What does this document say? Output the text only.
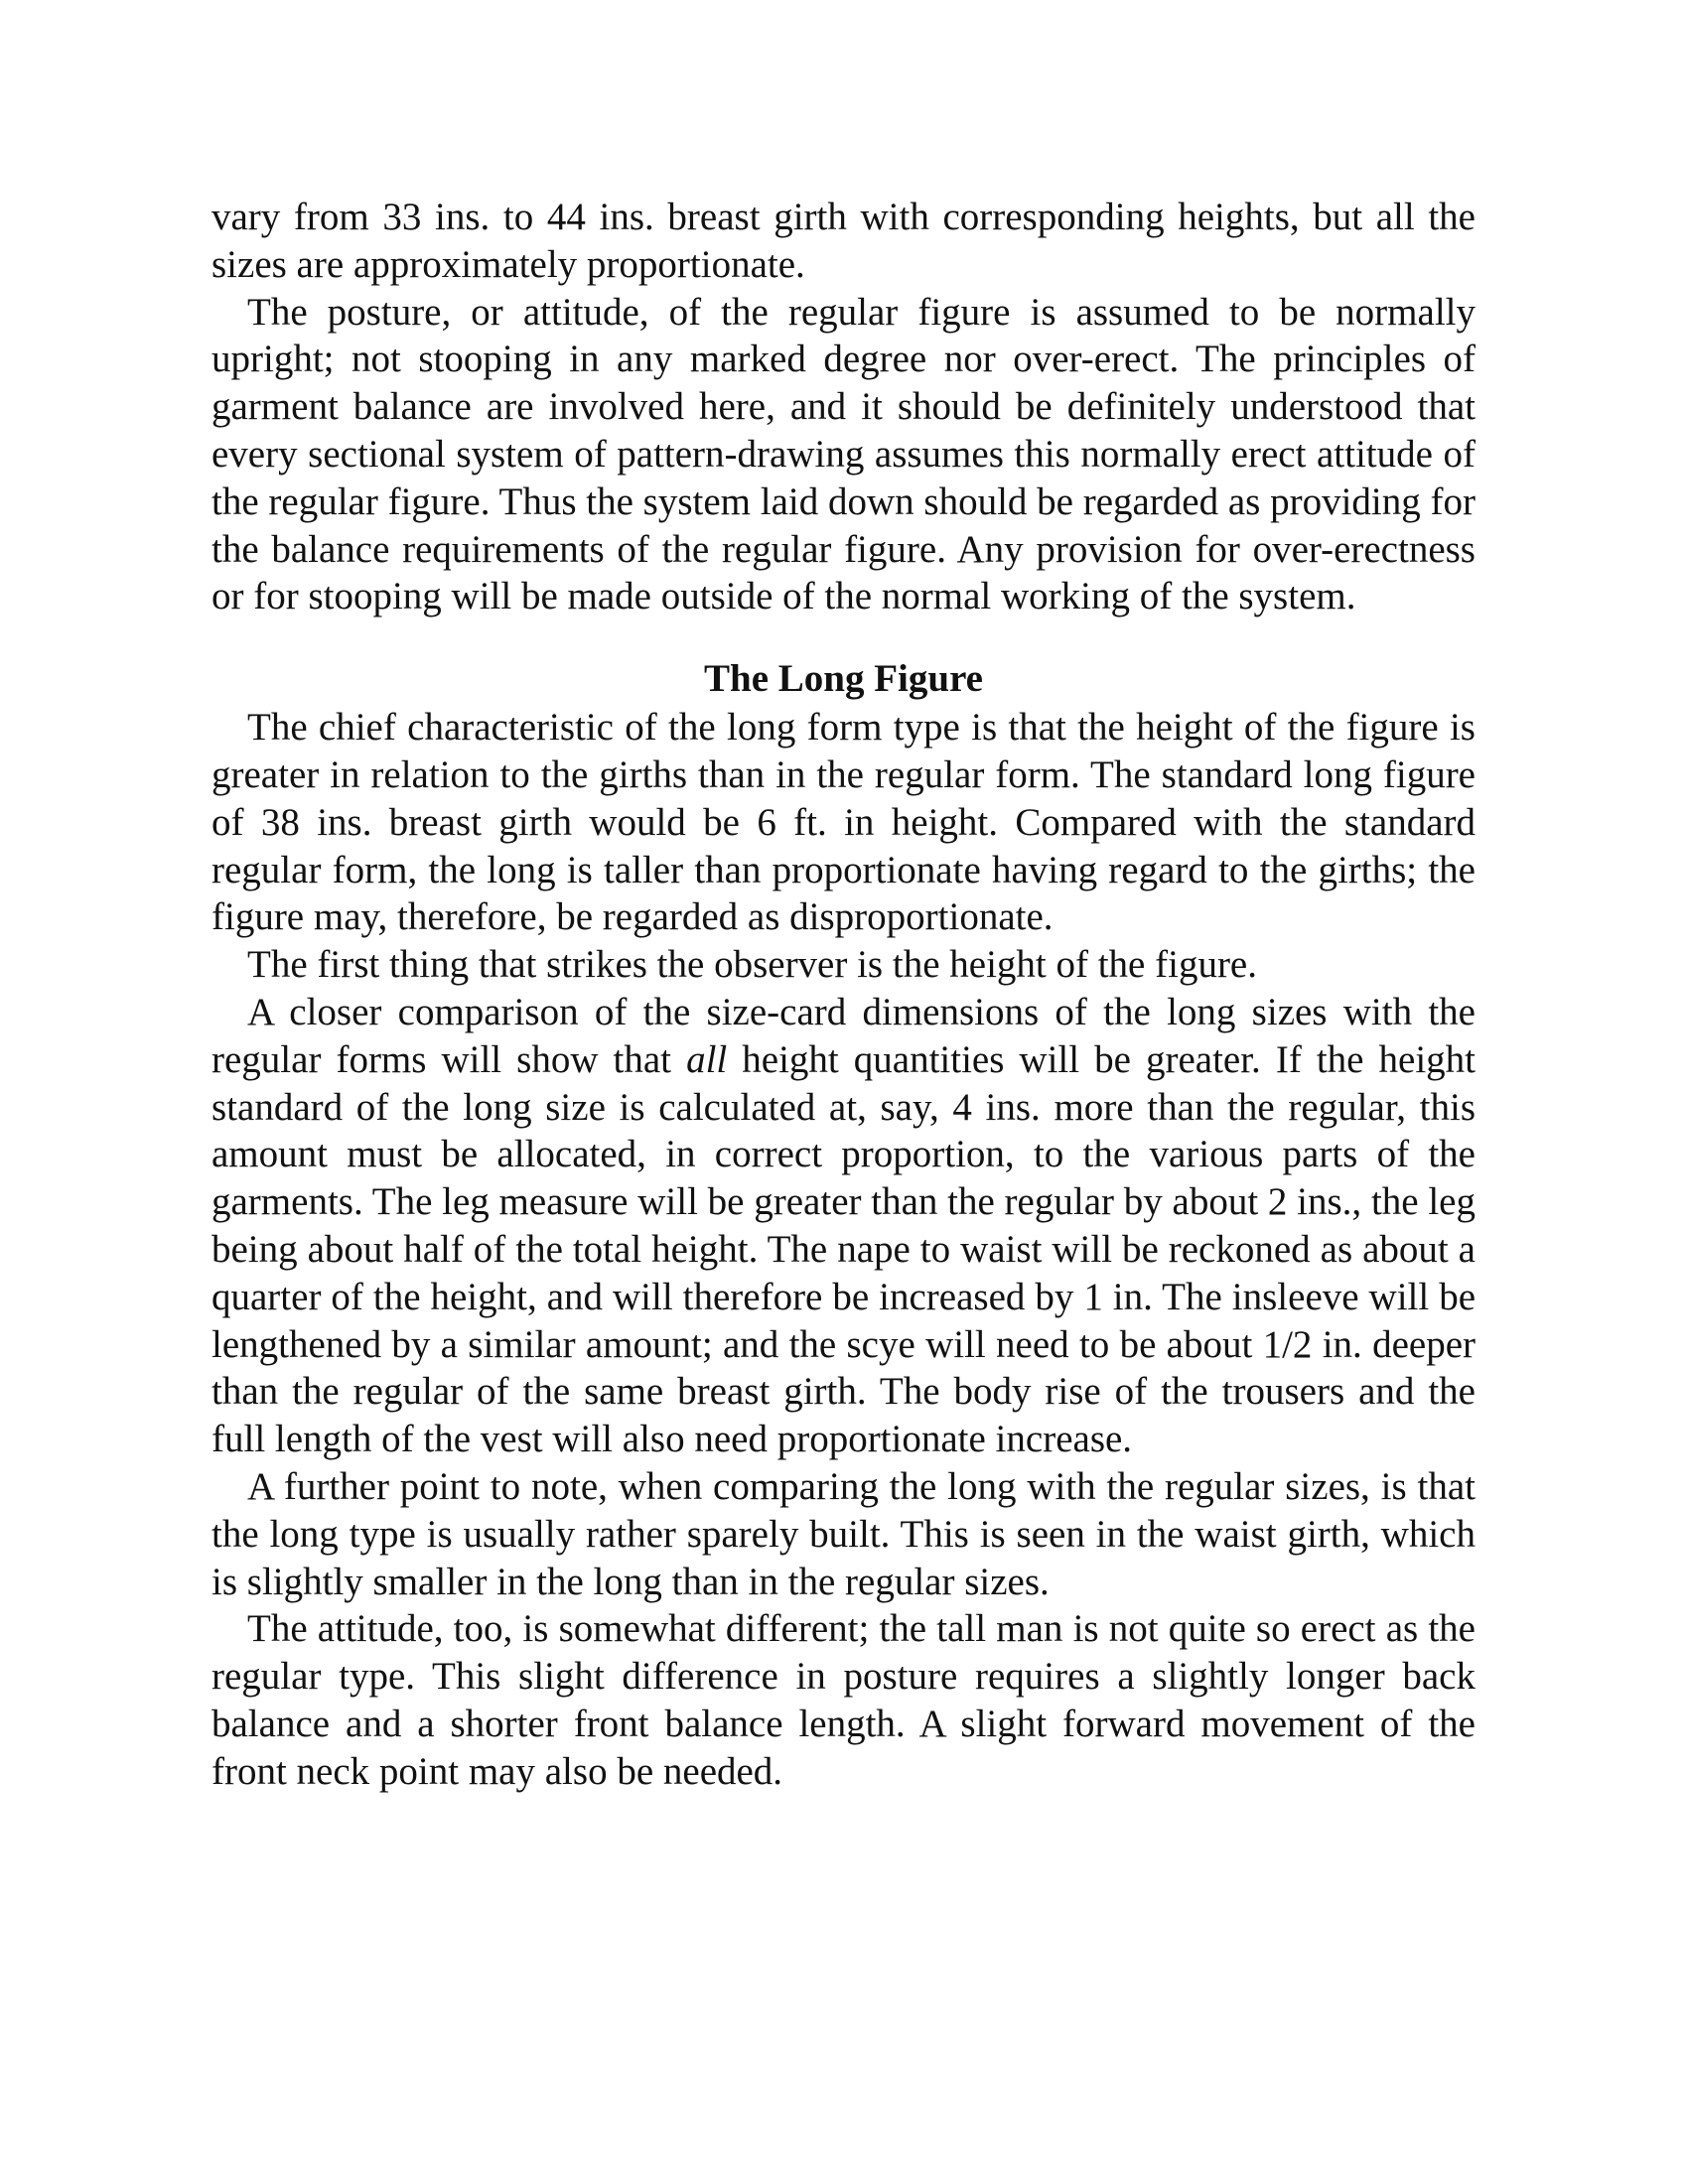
vary from 33 ins. to 44 ins. breast girth with corresponding heights, but all the sizes are approximately proportionate.

The posture, or attitude, of the regular figure is assumed to be normally upright; not stooping in any marked degree nor over-erect. The principles of garment balance are involved here, and it should be definitely understood that every sectional system of pattern-drawing assumes this normally erect attitude of the regular figure. Thus the system laid down should be regarded as providing for the balance requirements of the regular figure. Any provision for over-erectness or for stooping will be made outside of the normal working of the system.

The Long Figure

The chief characteristic of the long form type is that the height of the figure is greater in relation to the girths than in the regular form. The standard long figure of 38 ins. breast girth would be 6 ft. in height. Compared with the standard regular form, the long is taller than proportionate having regard to the girths; the figure may, therefore, be regarded as disproportionate.

The first thing that strikes the observer is the height of the figure.

A closer comparison of the size-card dimensions of the long sizes with the regular forms will show that all height quantities will be greater. If the height standard of the long size is calculated at, say, 4 ins. more than the regular, this amount must be allocated, in correct proportion, to the various parts of the garments. The leg measure will be greater than the regular by about 2 ins., the leg being about half of the total height. The nape to waist will be reckoned as about a quarter of the height, and will therefore be increased by 1 in. The insleeve will be lengthened by a similar amount; and the scye will need to be about 1/2 in. deeper than the regular of the same breast girth. The body rise of the trousers and the full length of the vest will also need proportionate increase.

A further point to note, when comparing the long with the regular sizes, is that the long type is usually rather sparely built. This is seen in the waist girth, which is slightly smaller in the long than in the regular sizes.

The attitude, too, is somewhat different; the tall man is not quite so erect as the regular type. This slight difference in posture requires a slightly longer back balance and a shorter front balance length. A slight forward movement of the front neck point may also be needed.
